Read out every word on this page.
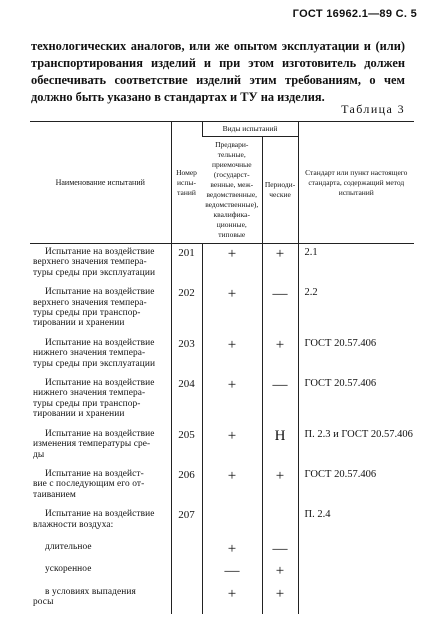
ГОСТ 16962.1—89 С. 5
технологических аналогов, или же опытом эксплуатации и (или) транспортирования изделий и при этом изготовитель должен обеспечивать соответствие изделий этим требованиям, о чем должно быть указано в стандартах и ТУ на изделия.
Таблица 3
Наименование испытаний	Номер испытаний	Виды испытаний		Стандарт или пункт настоящего стандарта, содержащий метод испытаний
		Предварительные, приемочные (государственные, межведомственные, ведомственные), квалификационные, типовые	Периодические	

Испытание на воздействие
верхнего значения темпера-
туры среды при эксплуатации	201	+	+	2.1

Испытание на воздействие
верхнего значения темпера-
туры среды при транспор-
тировании и хранении	202	+	—	2.2

Испытание на воздействие
нижнего значения темпера-
туры среды при эксплуатации	203	+	+	ГОСТ 20.57.406

Испытание на воздействие
нижнего значения темпера-
туры среды при транспор-
тировании и хранении	204	+	—	ГОСТ 20.57.406

Испытание на воздействие
изменения температуры сре-
ды	205	+	Н	П. 2.3 и ГОСТ 20.57.406

Испытание на воздейст-
вие с последующим его от-
таиванием	206	+	+	ГОСТ 20.57.406

Испытание на воздействие
влажности воздуха:	207			П. 2.4

длительное		+	—	

ускоренное		—	+	

в условиях выпадения
росы		+	+	
